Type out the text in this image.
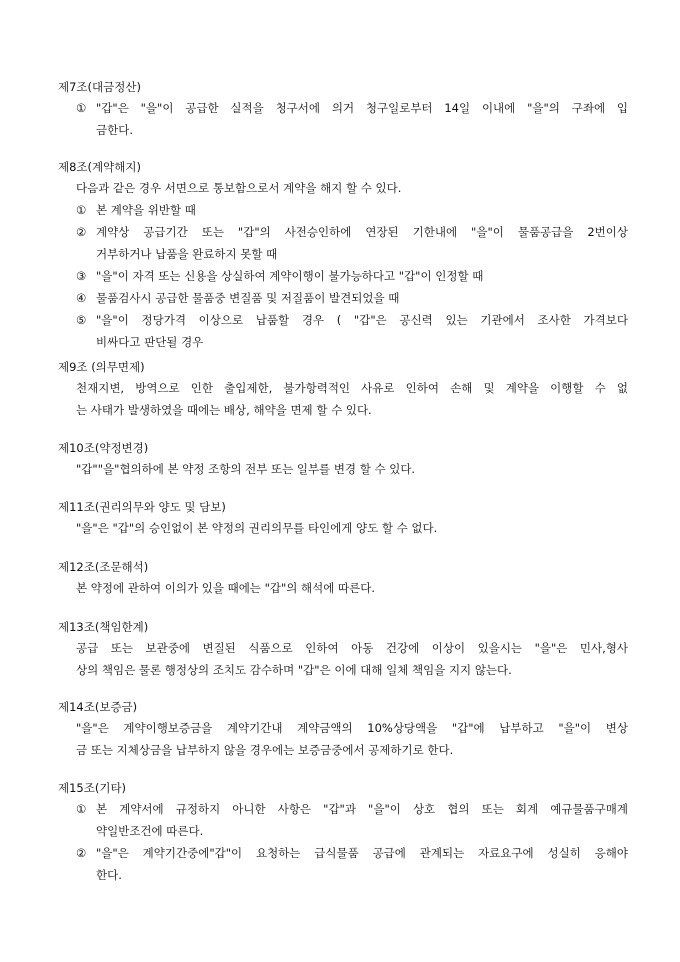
제7조(대금정산)
① "갑"은 "을"이 공급한 실적을 청구서에 의거 청구일로부터 14일 이내에 "을"의 구좌에 입
금한다.
제8조(계약해지)
다음과 같은 경우 서면으로 통보함으로서 계약을 해지 할 수 있다.
① 본 계약을 위반할 때
② 계약상 공급기간 또는 "갑"의 사전승인하에 연장된 기한내에 "을"이 물품공급을 2번이상
거부하거나 납품을 완료하지 못할 때
③ "을"이 자격 또는 신용을 상실하여 계약이행이 불가능하다고 "갑"이 인정할 때
④ 물품검사시 공급한 물품중 변질품 및 저질품이 발견되었을 때
⑤ "을"이 정당가격 이상으로 납품할 경우 ( "갑"은 공신력 있는 기관에서 조사한 가격보다
비싸다고 판단될 경우
제9조 (의무면제)
천재지변, 방역으로 인한 출입제한, 불가항력적인 사유로 인하여 손해 및 계약을 이행할 수 없
는 사태가 발생하였을 때에는 배상, 해약을 면제 할 수 있다.
제10조(약정변경)
"갑""을"협의하에 본 약정 조항의 전부 또는 일부를 변경 할 수 있다.
제11조(권리의무와 양도 및 담보)
"을"은 "갑"의 승인없이 본 약정의 권리의무를 타인에게 양도 할 수 없다.
제12조(조문해석)
본 약정에 관하여 이의가 있을 때에는 "갑"의 해석에 따른다.
제13조(책임한계)
공급 또는 보관중에 변질된 식품으로 인하여 아동 건강에 이상이 있을시는 "을"은 민사,형사
상의 책임은 물론 행정상의 조치도 감수하며 "갑"은 이에 대해 일체 책임을 지지 않는다.
제14조(보증금)
"을"은 계약이행보증금을 계약기간내 계약금액의 10%상당액을 "갑"에 납부하고 "을"이 변상
금 또는 지체상금을 납부하지 않을 경우에는 보증금중에서 공제하기로 한다.
제15조(기타)
① 본 계약서에 규정하지 아니한 사항은 "갑"과 "을"이 상호 협의 또는 회계 예규물품구매계
약일반조건에 따른다.
② "을"은 계약기간중에"갑"이 요청하는 급식물품 공급에 관계되는 자료요구에 성실히 응해야
한다.
